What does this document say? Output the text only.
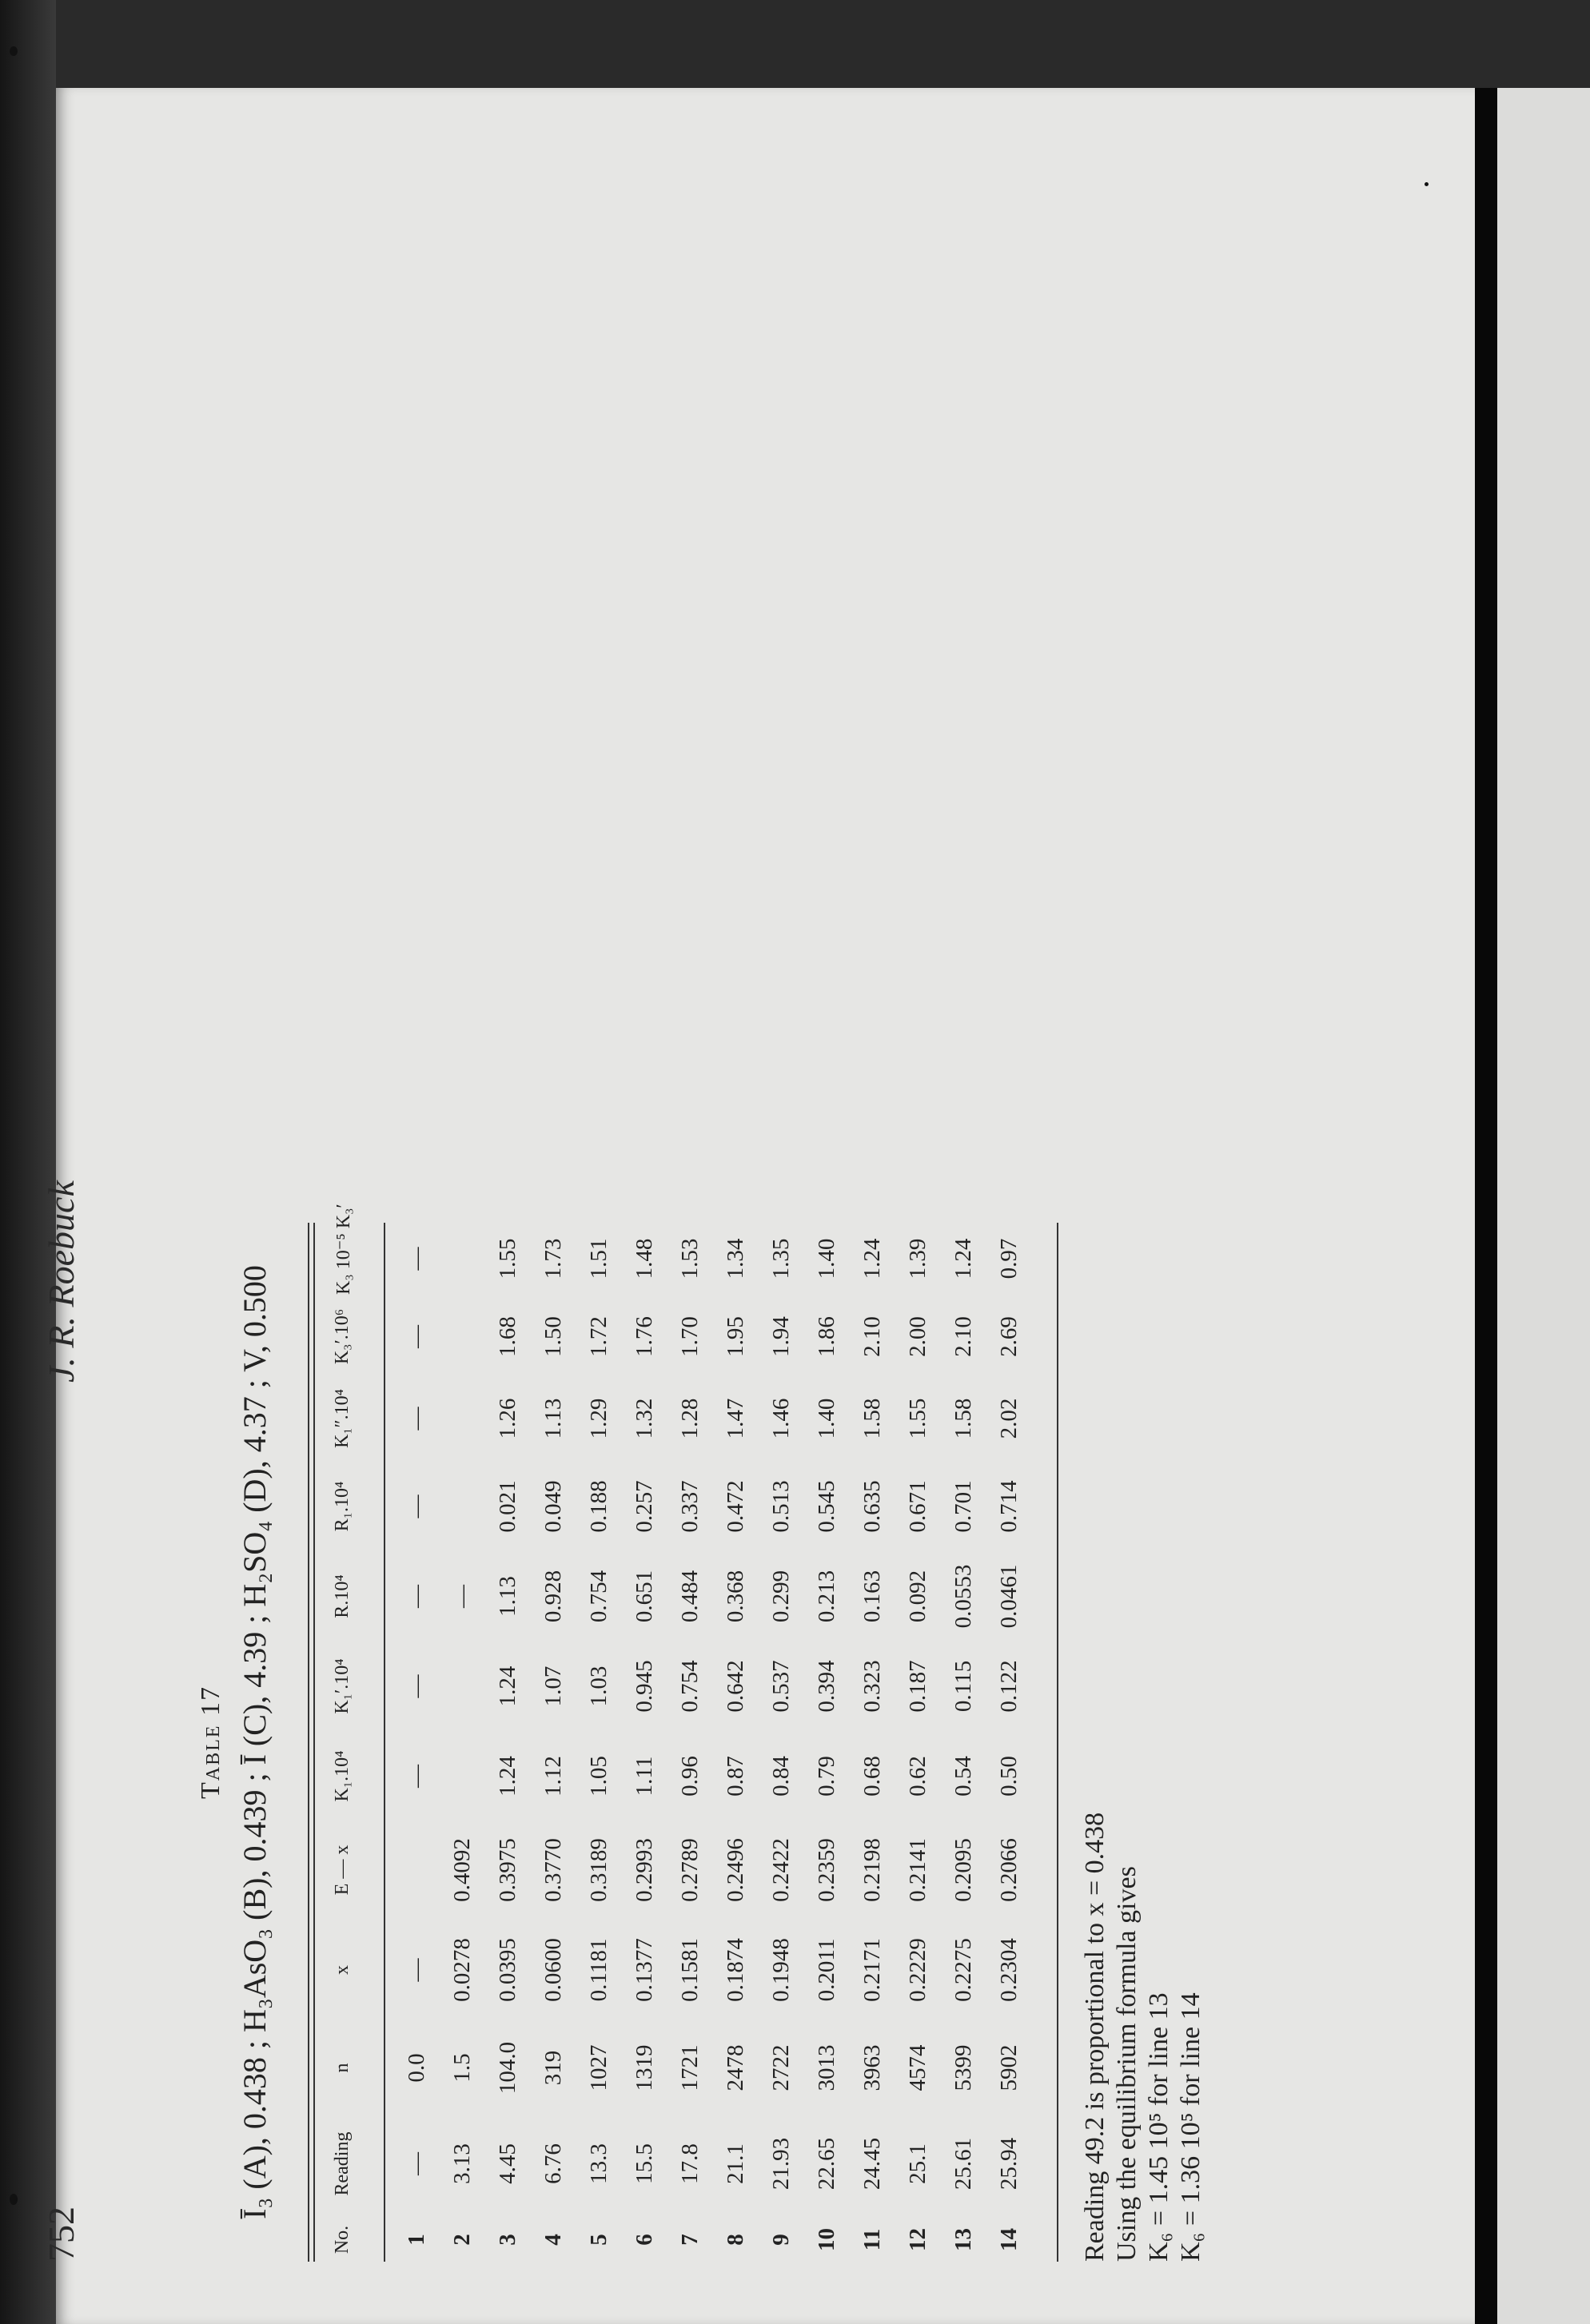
752
J. R. Roebuck
Table 17 Ī₃ (A), 0.438 ; H₃AsO₃ (B), 0.439 ; Ī (C), 4.39 ; H₂SO₄ (D), 4.37 ; V, 0.500
No.
Reading
n
x
E — x
K₁.10⁴
K₁′.10⁴
R.10⁴
R₁.10⁴
K₁″.10⁴
K₃′.10⁶
K₃ 10⁻⁵ K₃′
1
—
0.0
—
—
—
—
—
—
—
—
2
3.13
1.5
0.0278
0.4092
—
3
4.45
104.0
0.0395
0.3975
1.24
1.24
1.13
0.021
1.26
1.68
1.55
4
6.76
319
0.0600
0.3770
1.12
1.07
0.928
0.049
1.13
1.50
1.73
5
13.3
1027
0.1181
0.3189
1.05
1.03
0.754
0.188
1.29
1.72
1.51
6
15.5
1319
0.1377
0.2993
1.11
0.945
0.651
0.257
1.32
1.76
1.48
7
17.8
1721
0.1581
0.2789
0.96
0.754
0.484
0.337
1.28
1.70
1.53
8
21.1
2478
0.1874
0.2496
0.87
0.642
0.368
0.472
1.47
1.95
1.34
9
21.93
2722
0.1948
0.2422
0.84
0.537
0.299
0.513
1.46
1.94
1.35
10
22.65
3013
0.2011
0.2359
0.79
0.394
0.213
0.545
1.40
1.86
1.40
11
24.45
3963
0.2171
0.2198
0.68
0.323
0.163
0.635
1.58
2.10
1.24
12
25.1
4574
0.2229
0.2141
0.62
0.187
0.092
0.671
1.55
2.00
1.39
13
25.61
5399
0.2275
0.2095
0.54
0.115
0.0553
0.701
1.58
2.10
1.24
14
25.94
5902
0.2304
0.2066
0.50
0.122
0.0461
0.714
2.02
2.69
0.97
Reading 49.2 is proportional to x = 0.438 Using the equilibrium formula gives K₆ = 1.45 10⁵ for line 13 K₆ = 1.36 10⁵ for line 14
